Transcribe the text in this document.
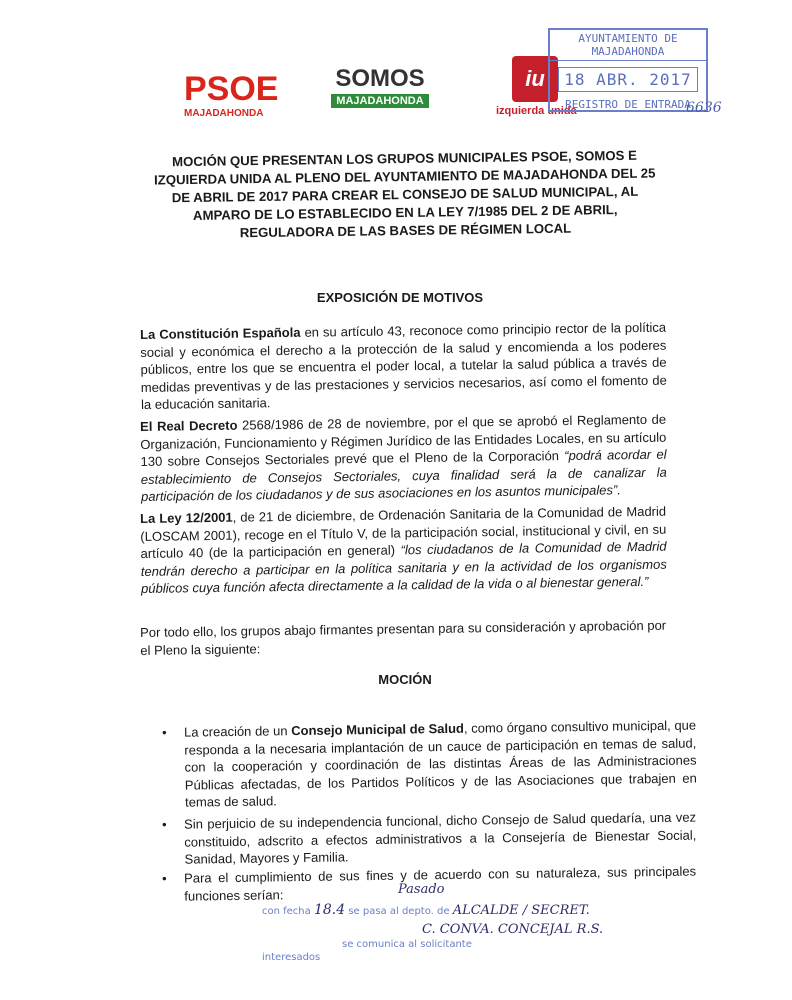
PSOE
MAJADAHONDA
SOMOS
MAJADAHONDA
iu
izquierda unida
AYUNTAMIENTO DE MAJADAHONDA
18 ABR. 2017
REGISTRO DE ENTRADA
6636
MOCIÓN QUE PRESENTAN LOS GRUPOS MUNICIPALES PSOE, SOMOS E IZQUIERDA UNIDA AL PLENO DEL AYUNTAMIENTO DE MAJADAHONDA DEL 25 DE ABRIL DE 2017 PARA CREAR EL CONSEJO DE SALUD MUNICIPAL, AL AMPARO DE LO ESTABLECIDO EN LA LEY 7/1985 DEL 2 DE ABRIL, REGULADORA DE LAS BASES DE RÉGIMEN LOCAL
EXPOSICIÓN DE MOTIVOS
La Constitución Española en su artículo 43, reconoce como principio rector de la política social y económica el derecho a la protección de la salud y encomienda a los poderes públicos, entre los que se encuentra el poder local, a tutelar la salud pública a través de medidas preventivas y de las prestaciones y servicios necesarios, así como el fomento de la educación sanitaria.
El Real Decreto 2568/1986 de 28 de noviembre, por el que se aprobó el Reglamento de Organización, Funcionamiento y Régimen Jurídico de las Entidades Locales, en su artículo 130 sobre Consejos Sectoriales prevé que el Pleno de la Corporación “podrá acordar el establecimiento de Consejos Sectoriales, cuya finalidad será la de canalizar la participación de los ciudadanos y de sus asociaciones en los asuntos municipales”.
La Ley 12/2001, de 21 de diciembre, de Ordenación Sanitaria de la Comunidad de Madrid (LOSCAM 2001), recoge en el Título V, de la participación social, institucional y civil, en su artículo 40 (de la participación en general) “los ciudadanos de la Comunidad de Madrid tendrán derecho a participar en la política sanitaria y en la actividad de los organismos públicos cuya función afecta directamente a la calidad de la vida o al bienestar general.”
Por todo ello, los grupos abajo firmantes presentan para su consideración y aprobación por el Pleno la siguiente:
MOCIÓN
• La creación de un Consejo Municipal de Salud, como órgano consultivo municipal, que responda a la necesaria implantación de un cauce de participación en temas de salud, con la cooperación y coordinación de las distintas Áreas de las Administraciones Públicas afectadas, de los Partidos Políticos y de las Asociaciones que trabajen en temas de salud.
• Sin perjuicio de su independencia funcional, dicho Consejo de Salud quedaría, una vez constituido, adscrito a efectos administrativos a la Consejería de Bienestar Social, Sanidad, Mayores y Familia.
• Para el cumplimiento de sus fines y de acuerdo con su naturaleza, sus principales funciones serían:	Pasado
con fecha 18.4 se pasa al depto. de ALCALDE / SECRET.
C. CONVA. CONCEJAL R.S.
se comunica al solicitante
interesados
